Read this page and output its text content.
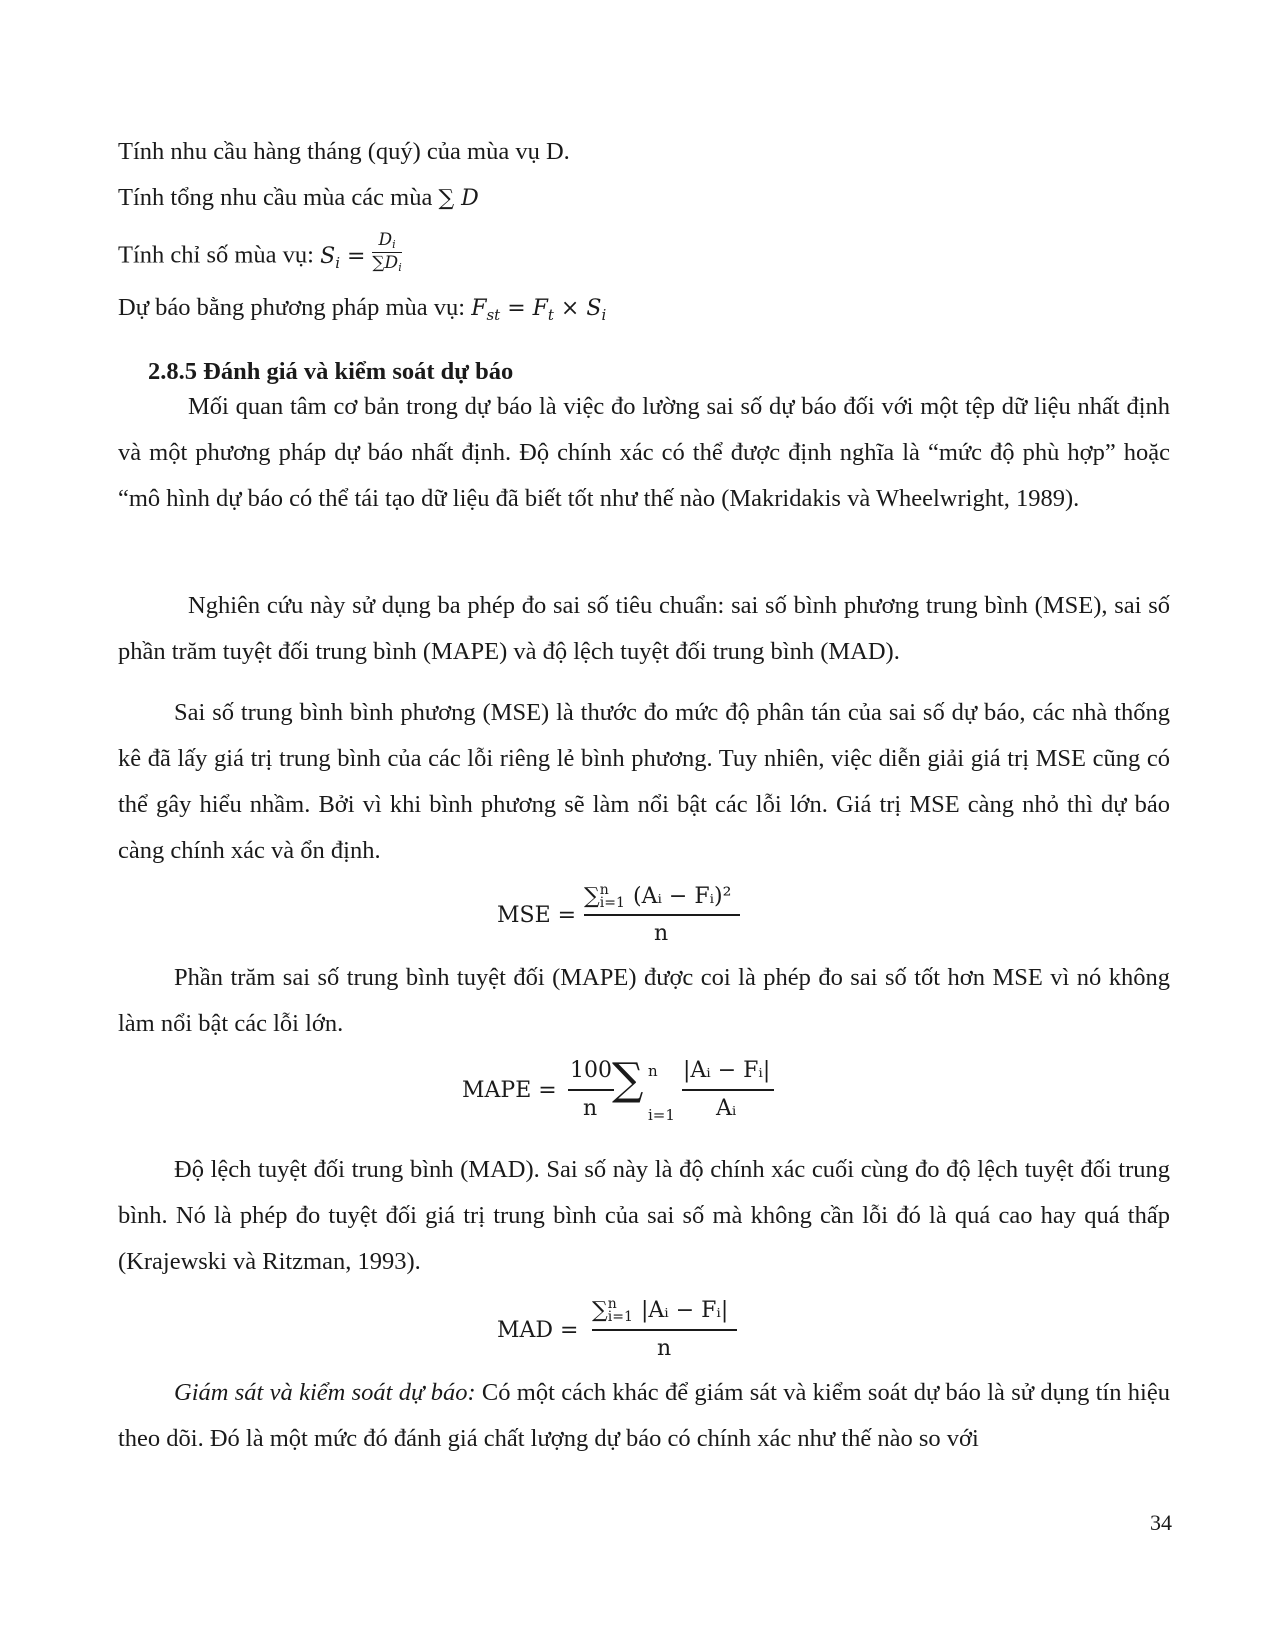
Tính nhu cầu hàng tháng (quý) của mùa vụ D.
Tính tổng nhu cầu mùa các mùa ∑ D
Tính chỉ số mùa vụ: $S_i = \frac{D_i}{\sum D_i}$
Dự báo bằng phương pháp mùa vụ: $F_{st} = F_t \times S_i$
2.8.5 Đánh giá và kiểm soát dự báo

Mối quan tâm cơ bản trong dự báo là việc đo lường sai số dự báo đối với một tệp dữ liệu nhất định và một phương pháp dự báo nhất định. Độ chính xác có thể được định nghĩa là “mức độ phù hợp” hoặc “mô hình dự báo có thể tái tạo dữ liệu đã biết tốt như thế nào (Makridakis và Wheelwright, 1989).

Nghiên cứu này sử dụng ba phép đo sai số tiêu chuẩn: sai số bình phương trung bình (MSE), sai số phần trăm tuyệt đối trung bình (MAPE) và độ lệch tuyệt đối trung bình (MAD).

Sai số trung bình bình phương (MSE) là thước đo mức độ phân tán của sai số dự báo, các nhà thống kê đã lấy giá trị trung bình của các lỗi riêng lẻ bình phương. Tuy nhiên, việc diễn giải giá trị MSE cũng có thể gây hiểu nhầm. Bởi vì khi bình phương sẽ làm nổi bật các lỗi lớn. Giá trị MSE càng nhỏ thì dự báo càng chính xác và ổn định.

MSE =
∑$^n$i=1 (Aᵢ − Fᵢ)²
n

Phần trăm sai số trung bình tuyệt đối (MAPE) được coi là phép đo sai số tốt hơn MSE vì nó không làm nổi bật các lỗi lớn.

MAPE =
100
n
∑ n
i=1
|Aᵢ − Fᵢ|
Aᵢ

Độ lệch tuyệt đối trung bình (MAD). Sai số này là độ chính xác cuối cùng đo độ lệch tuyệt đối trung bình. Nó là phép đo tuyệt đối giá trị trung bình của sai số mà không cần lỗi đó là quá cao hay quá thấp (Krajewski và Ritzman, 1993).

MAD =
∑$^n$i=1 |Aᵢ − Fᵢ|
n

Giám sát và kiểm soát dự báo: Có một cách khác để giám sát và kiểm soát dự báo là sử dụng tín hiệu theo dõi. Đó là một mức đó đánh giá chất lượng dự báo có chính xác như thế nào so với

34
